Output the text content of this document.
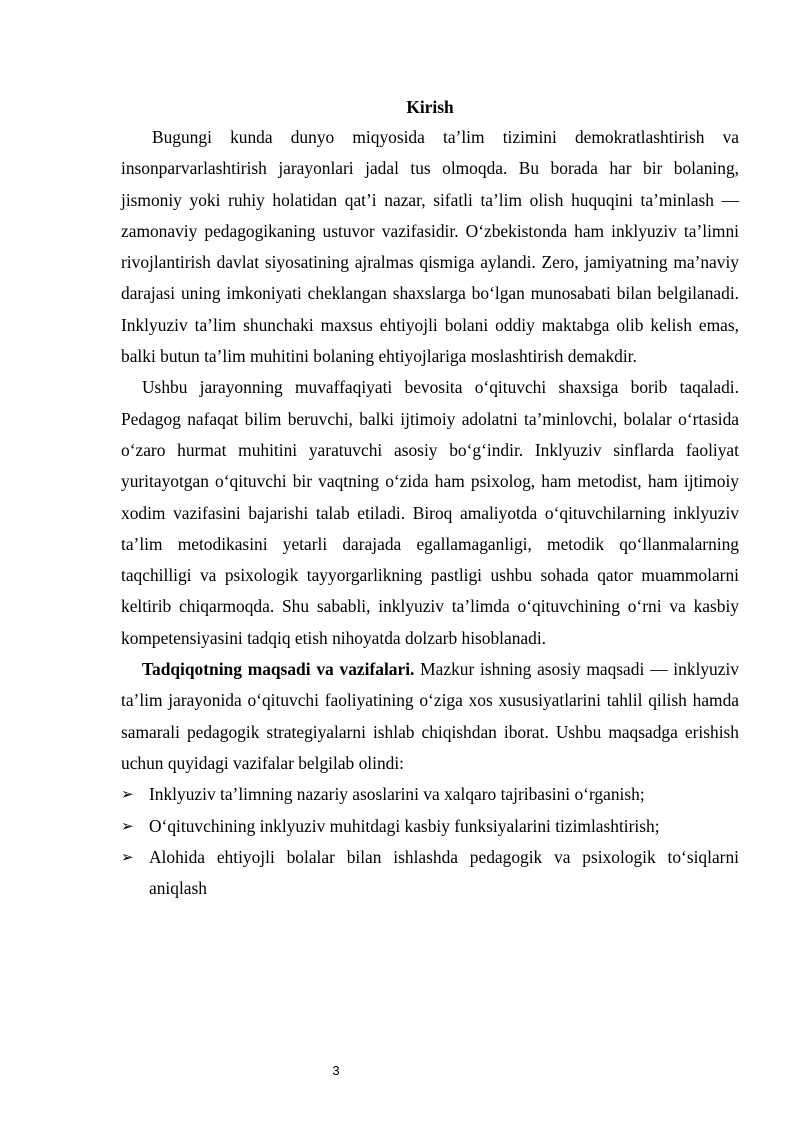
Kirish

Bugungi kunda dunyo miqyosida ta’lim tizimini demokratlashtirish va insonparvarlashtirish jarayonlari jadal tus olmoqda. Bu borada har bir bolaning, jismoniy yoki ruhiy holatidan qat’i nazar, sifatli ta’lim olish huquqini ta’minlash — zamonaviy pedagogikaning ustuvor vazifasidir. O‘zbekistonda ham inklyuziv ta’limni rivojlantirish davlat siyosatining ajralmas qismiga aylandi. Zero, jamiyatning ma’naviy darajasi uning imkoniyati cheklangan shaxslarga bo‘lgan munosabati bilan belgilanadi. Inklyuziv ta’lim shunchaki maxsus ehtiyojli bolani oddiy maktabga olib kelish emas, balki butun ta’lim muhitini bolaning ehtiyojlariga moslashtirish demakdir.

Ushbu jarayonning muvaffaqiyati bevosita o‘qituvchi shaxsiga borib taqaladi. Pedagog nafaqat bilim beruvchi, balki ijtimoiy adolatni ta’minlovchi, bolalar o‘rtasida o‘zaro hurmat muhitini yaratuvchi asosiy bo‘g‘indir. Inklyuziv sinflarda faoliyat yuritayotgan o‘qituvchi bir vaqtning o‘zida ham psixolog, ham metodist, ham ijtimoiy xodim vazifasini bajarishi talab etiladi. Biroq amaliyotda o‘qituvchilarning inklyuziv ta’lim metodikasini yetarli darajada egallamaganligi, metodik qo‘llanmalarning taqchilligi va psixologik tayyorgarlikning pastligi ushbu sohada qator muammolarni keltirib chiqarmoqda. Shu sababli, inklyuziv ta’limda o‘qituvchining o‘rni va kasbiy kompetensiyasini tadqiq etish nihoyatda dolzarb hisoblanadi.

Tadqiqotning maqsadi va vazifalari. Mazkur ishning asosiy maqsadi — inklyuziv ta’lim jarayonida o‘qituvchi faoliyatining o‘ziga xos xususiyatlarini tahlil qilish hamda samarali pedagogik strategiyalarni ishlab chiqishdan iborat. Ushbu maqsadga erishish uchun quyidagi vazifalar belgilab olindi:

➢ Inklyuziv ta’limning nazariy asoslarini va xalqaro tajribasini o‘rganish;
➢ O‘qituvchining inklyuziv muhitdagi kasbiy funksiyalarini tizimlashtirish;
➢ Alohida ehtiyojli bolalar bilan ishlashda pedagogik va psixologik to‘siqlarni aniqlash
3
